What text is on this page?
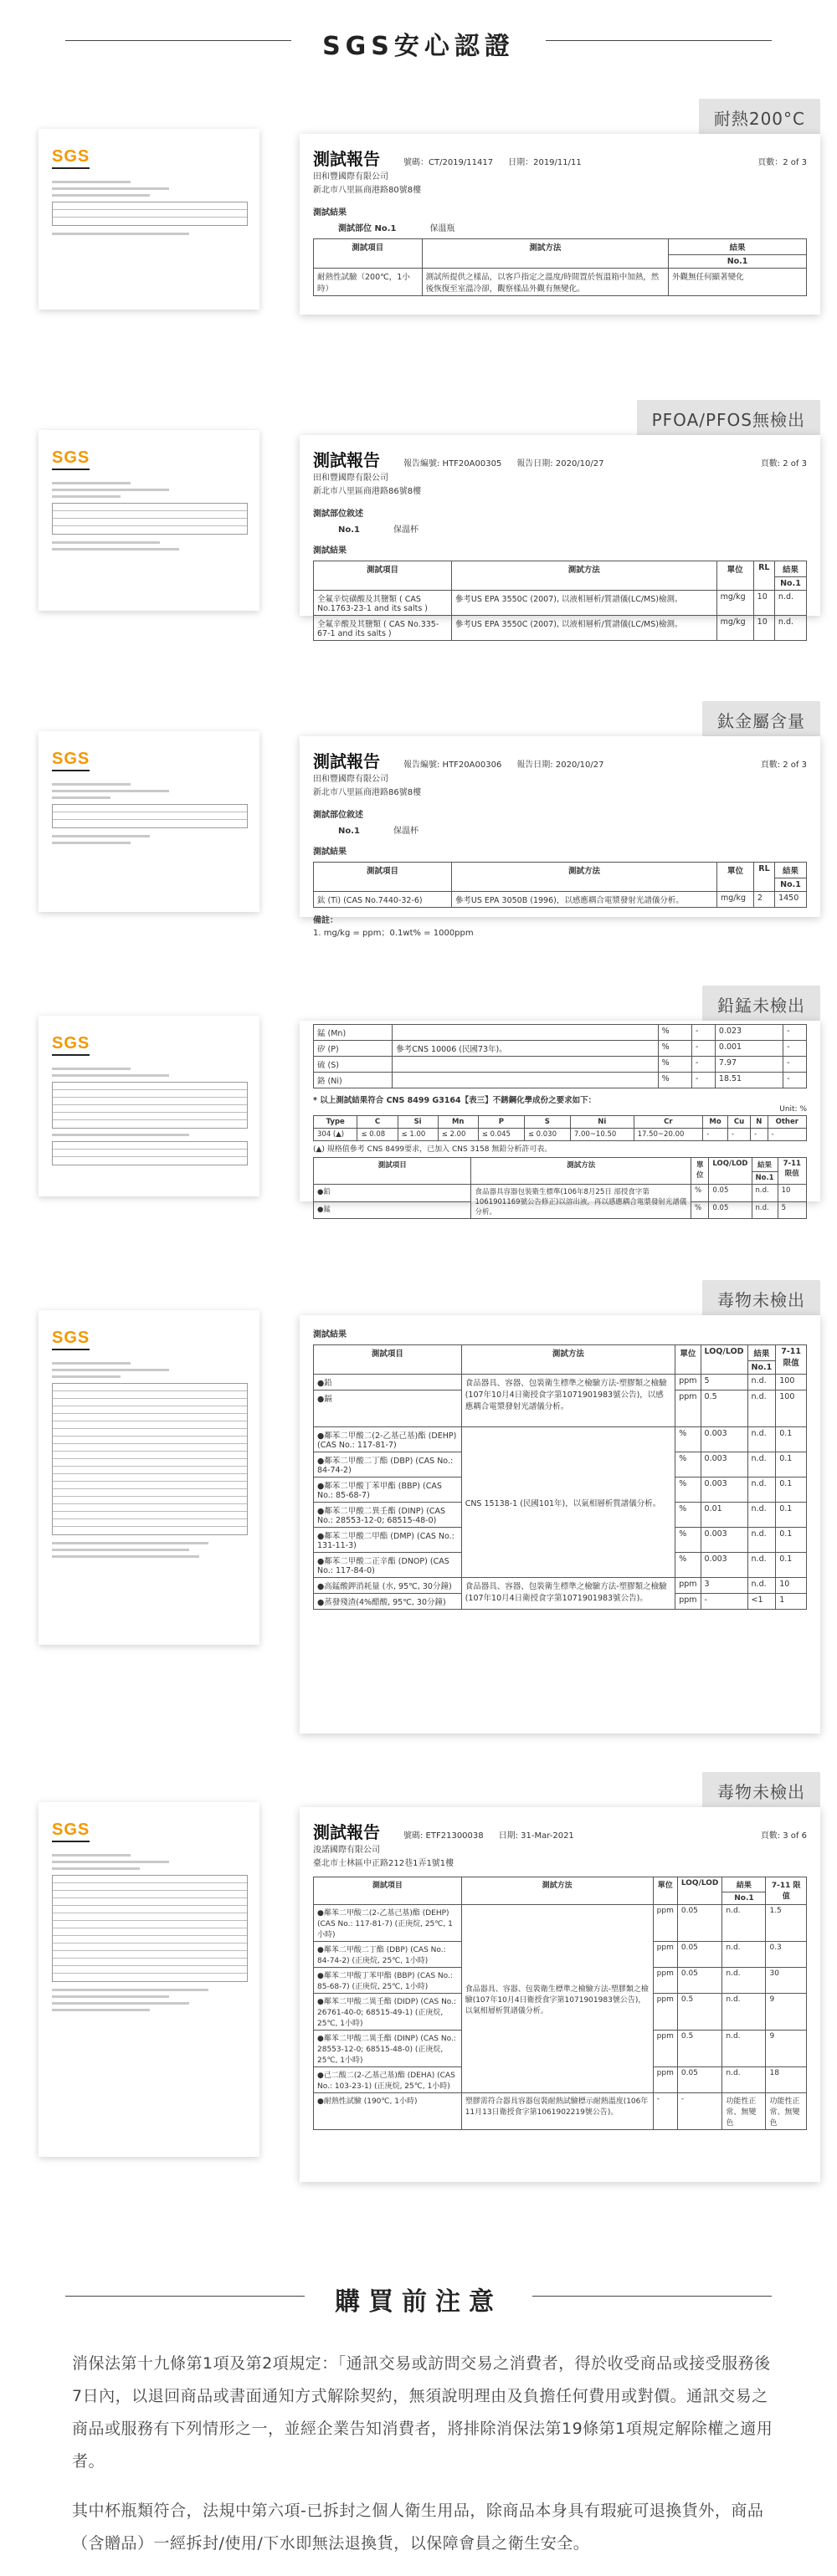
SGS安心認證
耐熱200°C
SGS	測試報告	號碼：CT/2019/11417 日期：2019/11/11	頁數：2 of 3
田和豐國際有限公司
新北市八里區商港路80號8樓
測試結果
測試部位 No.1	保溫瓶
測試項目	測試方法	結果
		No.1
耐熱性試驗（200℃，1小時）	測試所提供之樣品，以客戶指定之溫度/時間置於恆溫箱中加熱，然後恢復至室溫冷卻，觀察樣品外觀有無變化。	外觀無任何顯著變化
PFOA/PFOS無檢出
SGS	測試報告	報告編號: HTF20A00305 報告日期: 2020/10/27	頁數: 2 of 3
田和豐國際有限公司
新北市八里區商港路86號8樓
測試部位敘述
No.1	保溫杯
測試結果
測試項目	測試方法	單位	RL	結果
				No.1
全氟辛烷磺酸及其鹽類 ( CAS No.1763-23-1 and its salts )	參考US EPA 3550C (2007), 以液相層析/質譜儀(LC/MS)檢測。	mg/kg	10	n.d.
全氟辛酸及其鹽類 ( CAS No.335-67-1 and its salts )	參考US EPA 3550C (2007), 以液相層析/質譜儀(LC/MS)檢測。	mg/kg	10	n.d.
鈦金屬含量
SGS	測試報告	報告編號: HTF20A00306 報告日期: 2020/10/27	頁數: 2 of 3
田和豐國際有限公司
新北市八里區商港路86號8樓
測試部位敘述
No.1	保溫杯
測試結果
測試項目	測試方法	單位	RL	結果
				No.1
鈦 (Ti) (CAS No.7440-32-6)	參考US EPA 3050B (1996)，以感應耦合電漿發射光譜儀分析。	mg/kg	2	1450
備註：
1. mg/kg = ppm；0.1wt% = 1000ppm
鉛錳未檢出
SGS
錳 (Mn)		%	-	0.023	-
矽 (P)	參考CNS 10006 (民國73年)。	%	-	0.001	-
硫 (S)		%	-	7.97	-
鉻 (Ni)		%	-	18.51	-
* 以上測試結果符合 CNS 8499 G3164【表三】不銹鋼化學成份之要求如下：
Unit: %
Type	C	Si	Mn	P	S	Ni	Cr	Mo	Cu	N	Other
304 (▲)	≤ 0.08	≤ 1.00	≤ 2.00	≤ 0.045	≤ 0.030	7.00~10.50	17.50~20.00	-	-	-	-
(▲) 規格值參考 CNS 8499要求，已加入 CNS 3158 無鉛分析許可表。
測試項目	測試方法	單位	LOQ/LOD	結果	7-11 限值
				No.1	
●鉛	食品器具容器包裝衛生標準(106年8月25日 部授食字第1061901169號公告修正)以溶出液，再以感應耦合電漿發射光譜儀分析。	%	0.05	n.d.	10
●錳		%	0.05	n.d.	5
毒物未檢出
SGS	測試結果
測試項目	測試方法	單位	LOQ/LOD	結果	7-11 限值
				No.1	
●鉛	食品器具、容器、包裝衛生標準之檢驗方法-塑膠類之檢驗(107年10月4日衛授食字第1071901983號公告)，以感應耦合電漿發射光譜儀分析。	ppm	5	n.d.	100
●鎘		ppm	0.5	n.d.	100
●鄰苯二甲酸二(2-乙基己基)酯 (DEHP) (CAS No.: 117-81-7)	CNS 15138-1 (民國101年)，以氣相層析質譜儀分析。	%	0.003	n.d.	0.1
●鄰苯二甲酸二丁酯 (DBP) (CAS No.: 84-74-2)		%	0.003	n.d.	0.1
●鄰苯二甲酸丁苯甲酯 (BBP) (CAS No.: 85-68-7)		%	0.003	n.d.	0.1
●鄰苯二甲酸二異壬酯 (DINP) (CAS No.: 28553-12-0; 68515-48-0)		%	0.01	n.d.	0.1
●鄰苯二甲酸二甲酯 (DMP) (CAS No.: 131-11-3)		%	0.003	n.d.	0.1
●鄰苯二甲酸二正辛酯 (DNOP) (CAS No.: 117-84-0)		%	0.003	n.d.	0.1
●高錳酸鉀消耗量 (水, 95℃, 30分鐘)	食品器具、容器、包裝衛生標準之檢驗方法-塑膠類之檢驗(107年10月4日衛授食字第1071901983號公告)。	ppm	3	n.d.	10
●蒸發殘渣(4%醋酸, 95℃, 30分鐘)		ppm	-	<1	1
毒物未檢出
SGS	測試報告	號碼: ETF21300038 日期: 31-Mar-2021	頁數: 3 of 6
浚諾國際有限公司
臺北市士林區中正路212巷1弄1號1樓
測試項目	測試方法	單位	LOQ/LOD	結果	7-11 限值
				No.1	
●鄰苯二甲酸二(2-乙基己基)酯 (DEHP) (CAS No.: 117-81-7) (正庚烷, 25℃, 1小時)	食品器具、容器、包裝衛生標準之檢驗方法-塑膠類之檢驗(107年10月4日衛授食字第1071901983號公告)，以氣相層析質譜儀分析。	ppm	0.05	n.d.	1.5
●鄰苯二甲酸二丁酯 (DBP) (CAS No.: 84-74-2) (正庚烷, 25℃, 1小時)		ppm	0.05	n.d.	0.3
●鄰苯二甲酸丁苯甲酯 (BBP) (CAS No.: 85-68-7) (正庚烷, 25℃, 1小時)		ppm	0.05	n.d.	30
●鄰苯二甲酸二異壬酯 (DIDP) (CAS No.: 26761-40-0; 68515-49-1) (正庚烷, 25℃, 1小時)		ppm	0.5	n.d.	9
●鄰苯二甲酸二異壬酯 (DINP) (CAS No.: 28553-12-0; 68515-48-0) (正庚烷, 25℃, 1小時)		ppm	0.5	n.d.	9
●己二酸二(2-乙基己基)酯 (DEHA) (CAS No.: 103-23-1) (正庚烷, 25℃, 1小時)		ppm	0.05	n.d.	18
●耐熱性試驗 (190℃, 1小時)	塑膠需符合器具容器包裝耐熱試驗標示耐熱溫度(106年11月13日衛授食字第1061902219號公告)。	-	-	功能性正常、無變色	功能性正常、無變色
購買前注意
消保法第十九條第1項及第2項規定：「通訊交易或訪問交易之消費者，得於收受商品或接受服務後7日內，以退回商品或書面通知方式解除契約，無須說明理由及負擔任何費用或對價。通訊交易之商品或服務有下列情形之一，並經企業告知消費者，將排除消保法第19條第1項規定解除權之適用者。
其中杯瓶類符合，法規中第六項-已拆封之個人衛生用品，除商品本身具有瑕疵可退換貨外，商品（含贈品）一經拆封/使用/下水即無法退換貨，以保障會員之衛生安全。
